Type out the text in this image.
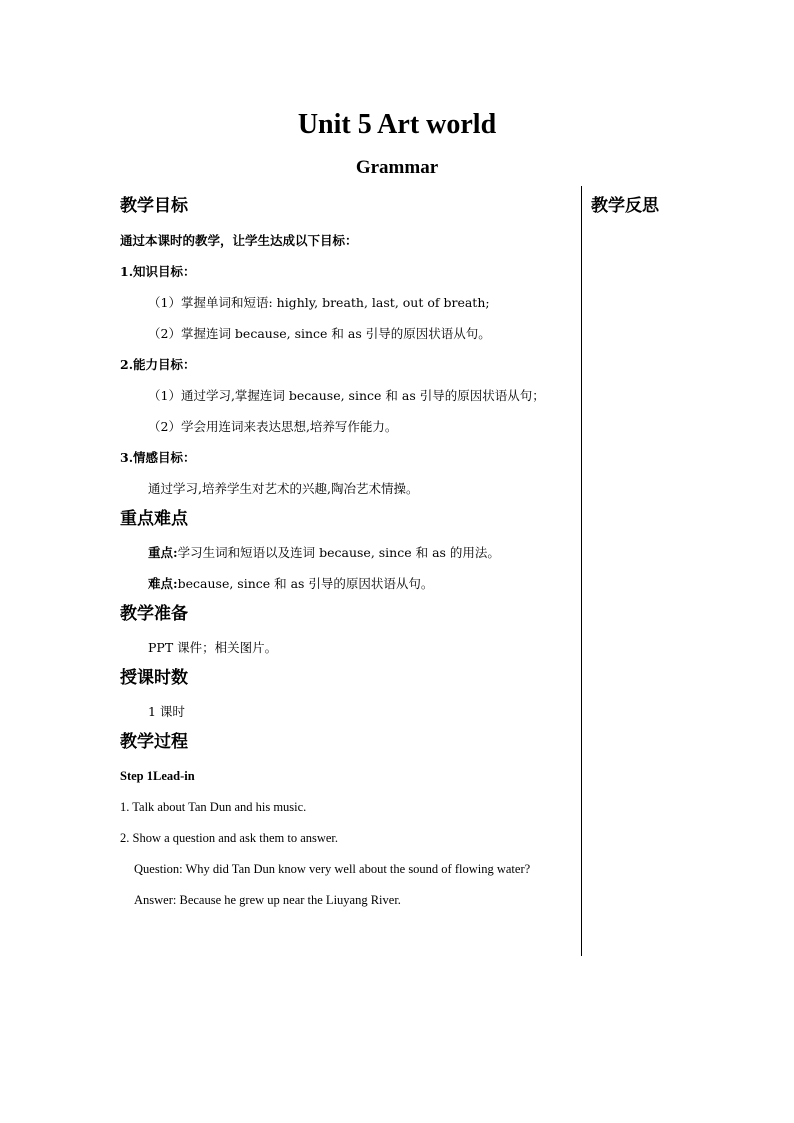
Unit 5 Art world
Grammar
教学反思
教学目标
通过本课时的教学，让学生达成以下目标：
1.知识目标：
（1）掌握单词和短语: highly, breath, last, out of breath;
（2）掌握连词 because, since 和 as 引导的原因状语从句。
2.能力目标：
（1）通过学习,掌握连词 because, since 和 as 引导的原因状语从句；
（2）学会用连词来表达思想,培养写作能力。
3.情感目标：
通过学习,培养学生对艺术的兴趣,陶冶艺术情操。
重点难点
重点:学习生词和短语以及连词 because, since 和 as 的用法。
难点:because, since 和 as 引导的原因状语从句。
教学准备
PPT 课件；相关图片。
授课时数
1 课时
教学过程
Step 1Lead-in
1. Talk about Tan Dun and his music.
2. Show a question and ask them to answer.
Question: Why did Tan Dun know very well about the sound of flowing water?
Answer: Because he grew up near the Liuyang River.
